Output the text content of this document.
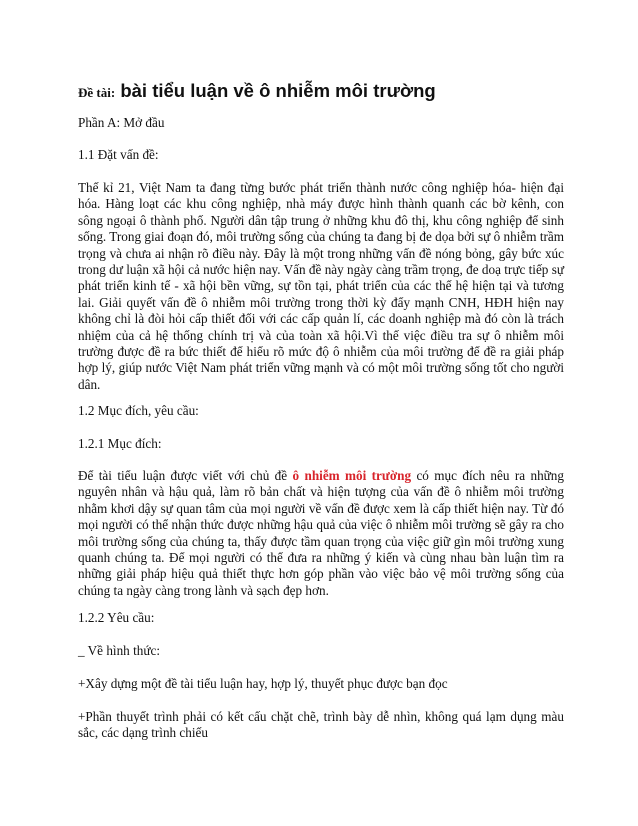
Đề tài: bài tiểu luận về ô nhiễm môi trường

Phần A: Mở đầu

1.1 Đặt vấn đề:

Thế kỉ 21, Việt Nam ta đang từng bước phát triển thành nước công nghiệp hóa- hiện đại hóa. Hàng loạt các khu công nghiệp, nhà máy được hình thành quanh các bờ kênh, con sông ngoại ô thành phố. Người dân tập trung ở những khu đô thị, khu công nghiệp để sinh sống. Trong giai đoạn đó, môi trường sống của chúng ta đang bị đe dọa bởi sự ô nhiễm trầm trọng và chưa ai nhận rõ điều này. Đây là một trong những vấn đề nóng bỏng, gây bức xúc trong dư luận xã hội cả nước hiện nay. Vấn đề này ngày càng trầm trọng, đe doạ trực tiếp sự phát triển kinh tế - xã hội bền vững, sự tồn tại, phát triển của các thế hệ hiện tại và tương lai. Giải quyết vấn đề ô nhiễm môi trường trong thời kỳ đẩy mạnh CNH, HĐH hiện nay không chỉ là đòi hỏi cấp thiết đối với các cấp quản lí, các doanh nghiệp mà đó còn là trách nhiệm của cả hệ thống chính trị và của toàn xã hội.Vì thế việc điều tra sự ô nhiễm môi trường được đề ra bức thiết để hiểu rõ mức độ ô nhiễm của môi trường để đề ra giải pháp hợp lý, giúp nước Việt Nam phát triển vững mạnh và có một môi trường sống tốt cho người dân.

1.2 Mục đích, yêu cầu:

1.2.1 Mục đích:

Để tài tiểu luận được viết với chủ đề ô nhiễm môi trường có mục đích nêu ra những nguyên nhân và hậu quả, làm rõ bản chất và hiện tượng của vấn đề ô nhiễm môi trường nhằm khơi dậy sự quan tâm của mọi người về vấn đề được xem là cấp thiết hiện nay. Từ đó mọi người có thể nhận thức được những hậu quả của việc ô nhiễm môi trường sẽ gây ra cho môi trường sống của chúng ta, thấy được tầm quan trọng của việc giữ gìn môi trường xung quanh chúng ta. Để mọi người có thể đưa ra những ý kiến và cùng nhau bàn luận tìm ra những giải pháp hiệu quả thiết thực hơn góp phần vào việc bảo vệ môi trường sống của chúng ta ngày càng trong lành và sạch đẹp hơn.

1.2.2 Yêu cầu:

_ Về hình thức:

+Xây dựng một đề tài tiểu luận hay, hợp lý, thuyết phục được bạn đọc

+Phần thuyết trình phải có kết cấu chặt chẽ, trình bày dễ nhìn, không quá lạm dụng màu sắc, các dạng trình chiếu
